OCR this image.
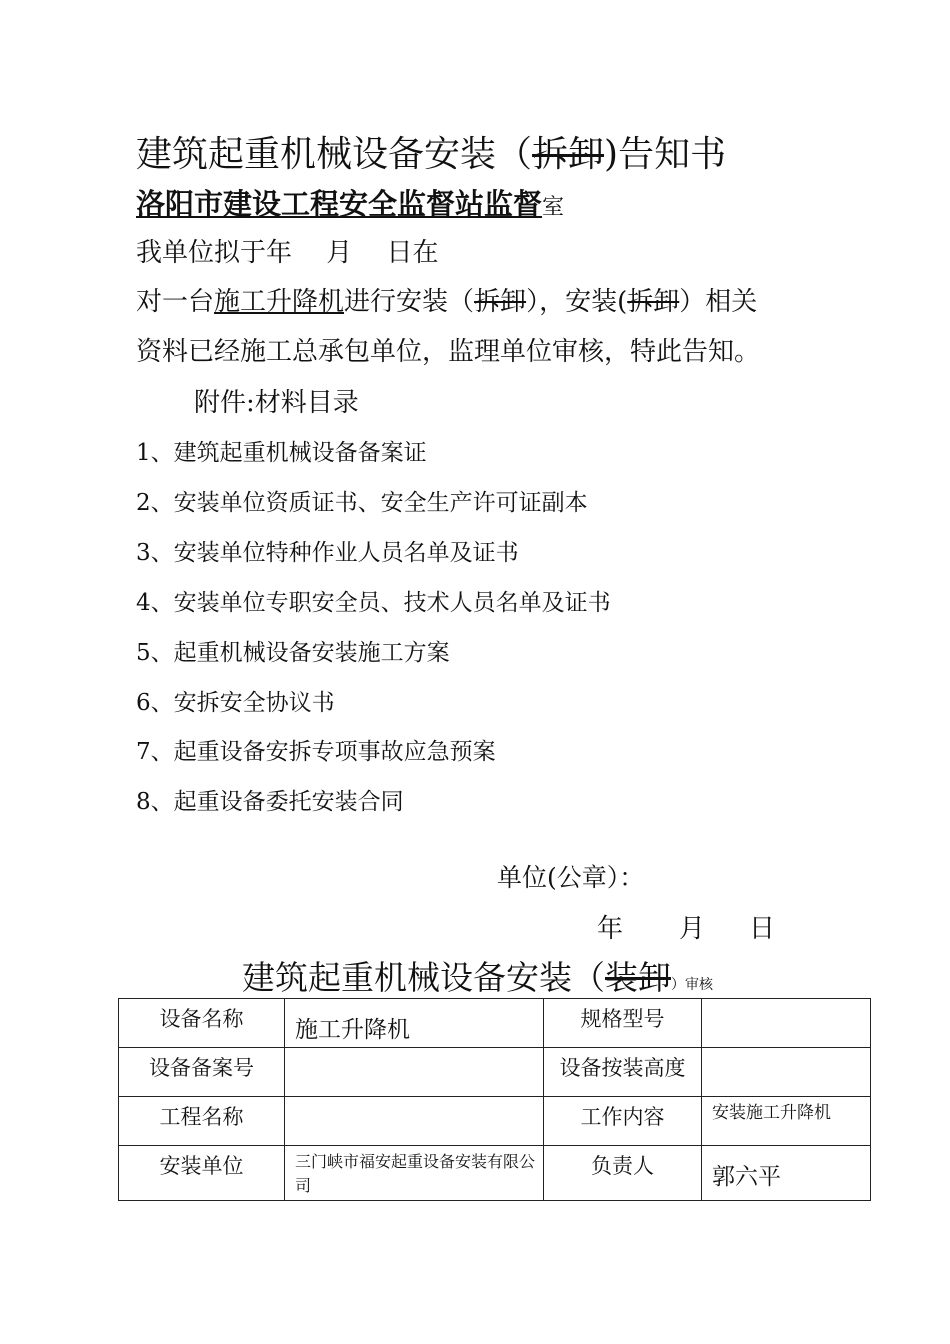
建筑起重机械设备安装（拆卸)告知书
洛阳市建设工程安全监督站监督室
我单位拟于年　 月　 日在
对一台施工升降机进行安装（拆卸），安装(拆卸）相关
资料已经施工总承包单位，监理单位审核，特此告知。
附件:材料目录
1、建筑起重机械设备备案证
2、安装单位资质证书、安全生产许可证副本
3、安装单位特种作业人员名单及证书
4、安装单位专职安全员、技术人员名单及证书
5、起重机械设备安装施工方案
6、安拆安全协议书
7、起重设备安拆专项事故应急预案
8、起重设备委托安装合同
单位(公章）：
年 月 日
建筑起重机械设备安装（装卸）审核
设备名称	施工升降机	规格型号	
设备备案号		设备按装高度	
工程名称		工作内容	安装施工升降机
安装单位	三门峡市福安起重设备安装有限公司	负责人	郭六平
